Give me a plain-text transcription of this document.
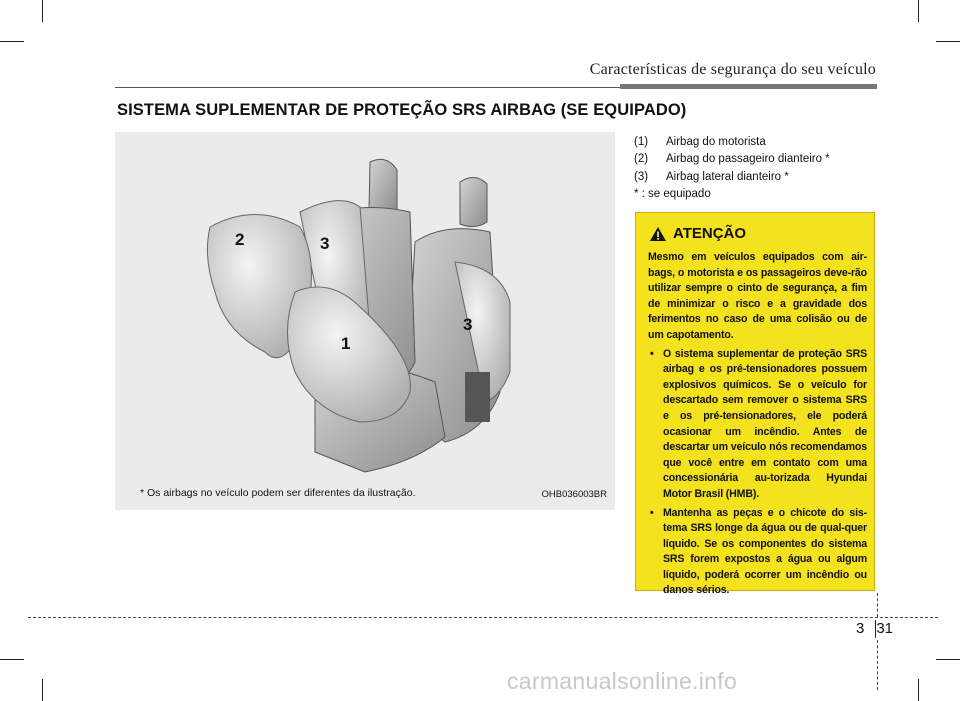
Características de segurança do seu veículo
SISTEMA SUPLEMENTAR DE PROTEÇÃO SRS AIRBAG (SE EQUIPADO)
2	3
1
3
* Os airbags no veículo podem ser diferentes da ilustração.	OHB036003BR
(1)	Airbag do motorista
(2)	Airbag do passageiro dianteiro *
(3)	Airbag lateral dianteiro *
* : se equipado
ATENÇÃO

Mesmo em veículos equipados com air-bags, o motorista e os passageiros deve-rão utilizar sempre o cinto de segurança, a fim de minimizar o risco e a gravidade dos ferimentos no caso de uma colisão ou de um capotamento.

• O sistema suplementar de proteção SRS airbag e os pré-tensionadores possuem explosivos químicos. Se o veículo for descartado sem remover o sistema SRS e os pré-tensionadores, ele poderá ocasionar um incêndio. Antes de descartar um veículo nós recomendamos que você entre em contato com uma concessionária au-torizada Hyundai Motor Brasil (HMB).

• Mantenha as peças e o chicote do sis-tema SRS longe da água ou de qual-quer líquido. Se os componentes do sistema SRS forem expostos a água ou algum líquido, poderá ocorrer um incêndio ou danos sérios.

3 31
carmanualsonline.info
